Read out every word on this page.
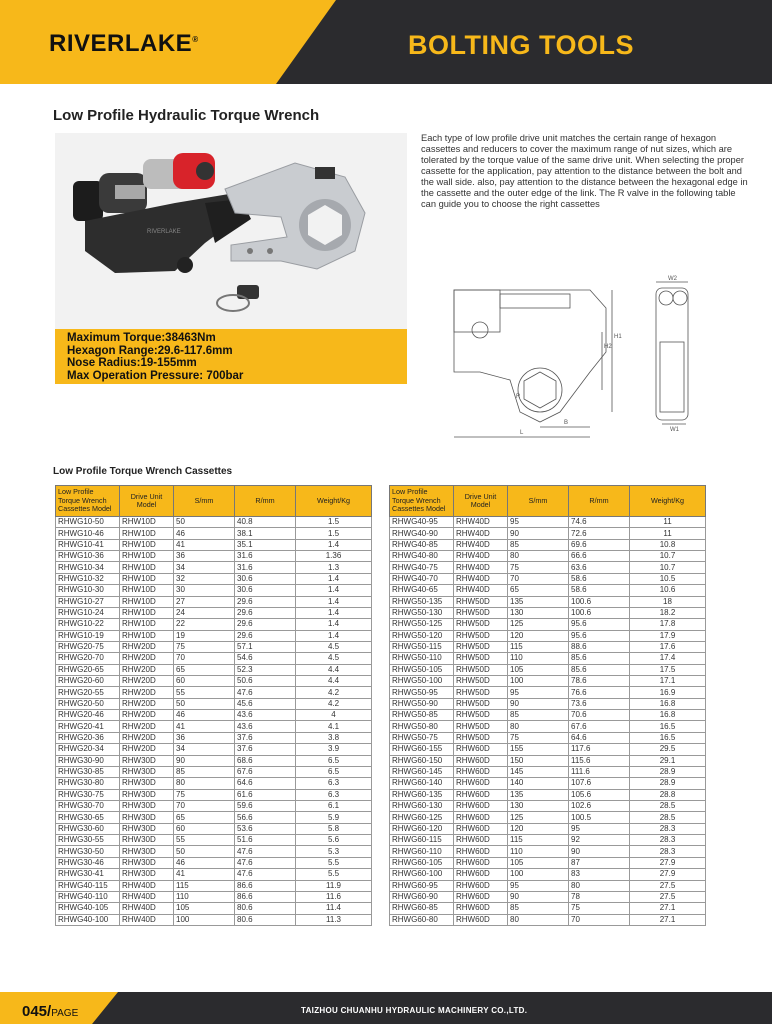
RIVERLAKE®	BOLTING TOOLS
Low Profile Hydraulic Torque Wrench
RIVERLAKE
Maximum Torque:38463Nm
Hexagon Range:29.6-117.6mm
Nose Radius:19-155mm
Max Operation Pressure: 700bar
Each type of low profile drive unit matches the certain range of hexagon cassettes and reducers to cover the maximum range of nut sizes, which are tolerated by the torque value of the same drive unit. When selecting the proper cassette for the application, pay attention to the distance between the bolt and the wall side. also, pay attention to the distance between the hexagonal edge in the cassette and the outer edge of the link. The R valve in the following table can guide you to choose the right cassettes
H1
H2
R
L
B
W1
W2
Low Profile Torque Wrench Cassettes
Low Profile Torque Wrench Cassettes Model	Drive Unit Model	S/mm	R/mm	Weight/Kg
RHWG10-50	RHW10D	50	40.8	1.5
RHWG10-46	RHW10D	46	38.1	1.5
RHWG10-41	RHW10D	41	35.1	1.4
RHWG10-36	RHW10D	36	31.6	1.36
RHWG10-34	RHW10D	34	31.6	1.3
RHWG10-32	RHW10D	32	30.6	1.4
RHWG10-30	RHW10D	30	30.6	1.4
RHWG10-27	RHW10D	27	29.6	1.4
RHWG10-24	RHW10D	24	29.6	1.4
RHWG10-22	RHW10D	22	29.6	1.4
RHWG10-19	RHW10D	19	29.6	1.4
RHWG20-75	RHW20D	75	57.1	4.5
RHWG20-70	RHW20D	70	54.6	4.5
RHWG20-65	RHW20D	65	52.3	4.4
RHWG20-60	RHW20D	60	50.6	4.4
RHWG20-55	RHW20D	55	47.6	4.2
RHWG20-50	RHW20D	50	45.6	4.2
RHWG20-46	RHW20D	46	43.6	4
RHWG20-41	RHW20D	41	43.6	4.1
RHWG20-36	RHW20D	36	37.6	3.8
RHWG20-34	RHW20D	34	37.6	3.9
RHWG30-90	RHW30D	90	68.6	6.5
RHWG30-85	RHW30D	85	67.6	6.5
RHWG30-80	RHW30D	80	64.6	6.3
RHWG30-75	RHW30D	75	61.6	6.3
RHWG30-70	RHW30D	70	59.6	6.1
RHWG30-65	RHW30D	65	56.6	5.9
RHWG30-60	RHW30D	60	53.6	5.8
RHWG30-55	RHW30D	55	51.6	5.6
RHWG30-50	RHW30D	50	47.6	5.3
RHWG30-46	RHW30D	46	47.6	5.5
RHWG30-41	RHW30D	41	47.6	5.5
RHWG40-115	RHW40D	115	86.6	11.9
RHWG40-110	RHW40D	110	86.6	11.6
RHWG40-105	RHW40D	105	80.6	11.4
RHWG40-100	RHW40D	100	80.6	11.3
Low Profile Torque Wrench Cassettes Model	Drive Unit Model	S/mm	R/mm	Weight/Kg
RHWG40-95	RHW40D	95	74.6	11
RHWG40-90	RHW40D	90	72.6	11
RHWG40-85	RHW40D	85	69.6	10.8
RHWG40-80	RHW40D	80	66.6	10.7
RHWG40-75	RHW40D	75	63.6	10.7
RHWG40-70	RHW40D	70	58.6	10.5
RHWG40-65	RHW40D	65	58.6	10.6
RHWG50-135	RHW50D	135	100.6	18
RHWG50-130	RHW50D	130	100.6	18.2
RHWG50-125	RHW50D	125	95.6	17.8
RHWG50-120	RHW50D	120	95.6	17.9
RHWG50-115	RHW50D	115	88.6	17.6
RHWG50-110	RHW50D	110	85.6	17.4
RHWG50-105	RHW50D	105	85.6	17.5
RHWG50-100	RHW50D	100	78.6	17.1
RHWG50-95	RHW50D	95	76.6	16.9
RHWG50-90	RHW50D	90	73.6	16.8
RHWG50-85	RHW50D	85	70.6	16.8
RHWG50-80	RHW50D	80	67.6	16.5
RHWG50-75	RHW50D	75	64.6	16.5
RHWG60-155	RHW60D	155	117.6	29.5
RHWG60-150	RHW60D	150	115.6	29.1
RHWG60-145	RHW60D	145	111.6	28.9
RHWG60-140	RHW60D	140	107.6	28.9
RHWG60-135	RHW60D	135	105.6	28.8
RHWG60-130	RHW60D	130	102.6	28.5
RHWG60-125	RHW60D	125	100.5	28.5
RHWG60-120	RHW60D	120	95	28.3
RHWG60-115	RHW60D	115	92	28.3
RHWG60-110	RHW60D	110	90	28.3
RHWG60-105	RHW60D	105	87	27.9
RHWG60-100	RHW60D	100	83	27.9
RHWG60-95	RHW60D	95	80	27.5
RHWG60-90	RHW60D	90	78	27.5
RHWG60-85	RHW60D	85	75	27.1
RHWG60-80	RHW60D	80	70	27.1
045/PAGE	TAIZHOU CHUANHU HYDRAULIC MACHINERY CO.,LTD.
